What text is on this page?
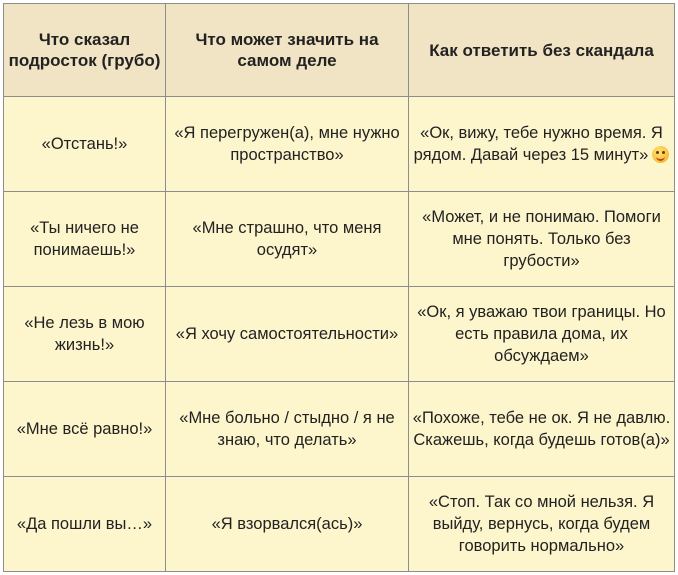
Что сказал подросток (грубо)	Что может значить на самом деле	Как ответить без скандала
«Отстань!»	«Я перегружен(а), мне нужно пространство»	«Ок, вижу, тебе нужно время. Я рядом. Давай через 15 минут»

«Ты ничего не понимаешь!»	«Мне страшно, что меня осудят»	«Может, и не понимаю. Помоги мне понять. Только без грубости»
«Не лезь в мою жизнь!»	«Я хочу самостоятельности»	«Ок, я уважаю твои границы. Но есть правила дома, их обсуждаем»
«Мне всё равно!»	«Мне больно / стыдно / я не знаю, что делать»	«Похоже, тебе не ок. Я не давлю. Скажешь, когда будешь готов(а)»
«Да пошли вы…»	«Я взорвался(ась)»	«Стоп. Так со мной нельзя. Я выйду, вернусь, когда будем говорить нормально»
